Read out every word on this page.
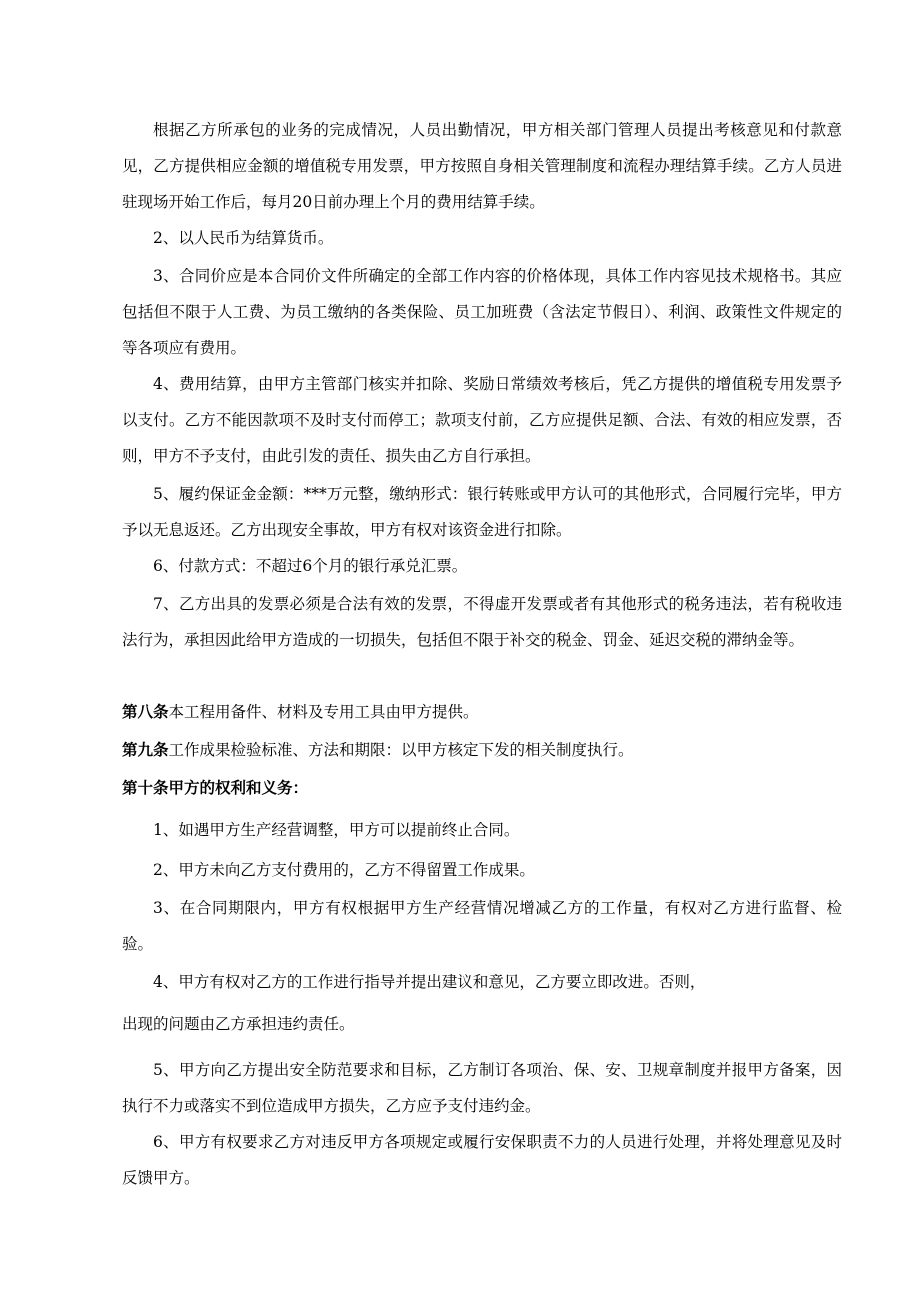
根据乙方所承包的业务的完成情况，人员出勤情况，甲方相关部门管理人员提出考核意见和付款意见，乙方提供相应金额的增值税专用发票，甲方按照自身相关管理制度和流程办理结算手续。乙方人员进驻现场开始工作后，每月20日前办理上个月的费用结算手续。

2、以人民币为结算货币。

3、合同价应是本合同价文件所确定的全部工作内容的价格体现，具体工作内容见技术规格书。其应包括但不限于人工费、为员工缴纳的各类保险、员工加班费（含法定节假日）、利润、政策性文件规定的等各项应有费用。

4、费用结算，由甲方主管部门核实并扣除、奖励日常绩效考核后，凭乙方提供的增值税专用发票予以支付。乙方不能因款项不及时支付而停工；款项支付前，乙方应提供足额、合法、有效的相应发票，否则，甲方不予支付，由此引发的责任、损失由乙方自行承担。

5、履约保证金金额：***万元整，缴纳形式：银行转账或甲方认可的其他形式，合同履行完毕，甲方予以无息返还。乙方出现安全事故，甲方有权对该资金进行扣除。

6、付款方式：不超过6个月的银行承兑汇票。

7、乙方出具的发票必须是合法有效的发票，不得虚开发票或者有其他形式的税务违法，若有税收违法行为，承担因此给甲方造成的一切损失，包括但不限于补交的税金、罚金、延迟交税的滞纳金等。

第八条本工程用备件、材料及专用工具由甲方提供。

第九条工作成果检验标准、方法和期限：以甲方核定下发的相关制度执行。

第十条甲方的权利和义务：

1、如遇甲方生产经营调整，甲方可以提前终止合同。

2、甲方未向乙方支付费用的，乙方不得留置工作成果。

3、在合同期限内，甲方有权根据甲方生产经营情况增减乙方的工作量，有权对乙方进行监督、检验。

4、甲方有权对乙方的工作进行指导并提出建议和意见，乙方要立即改进。否则，

出现的问题由乙方承担违约责任。

5、甲方向乙方提出安全防范要求和目标，乙方制订各项治、保、安、卫规章制度并报甲方备案，因执行不力或落实不到位造成甲方损失，乙方应予支付违约金。

6、甲方有权要求乙方对违反甲方各项规定或履行安保职责不力的人员进行处理，并将处理意见及时反馈甲方。
